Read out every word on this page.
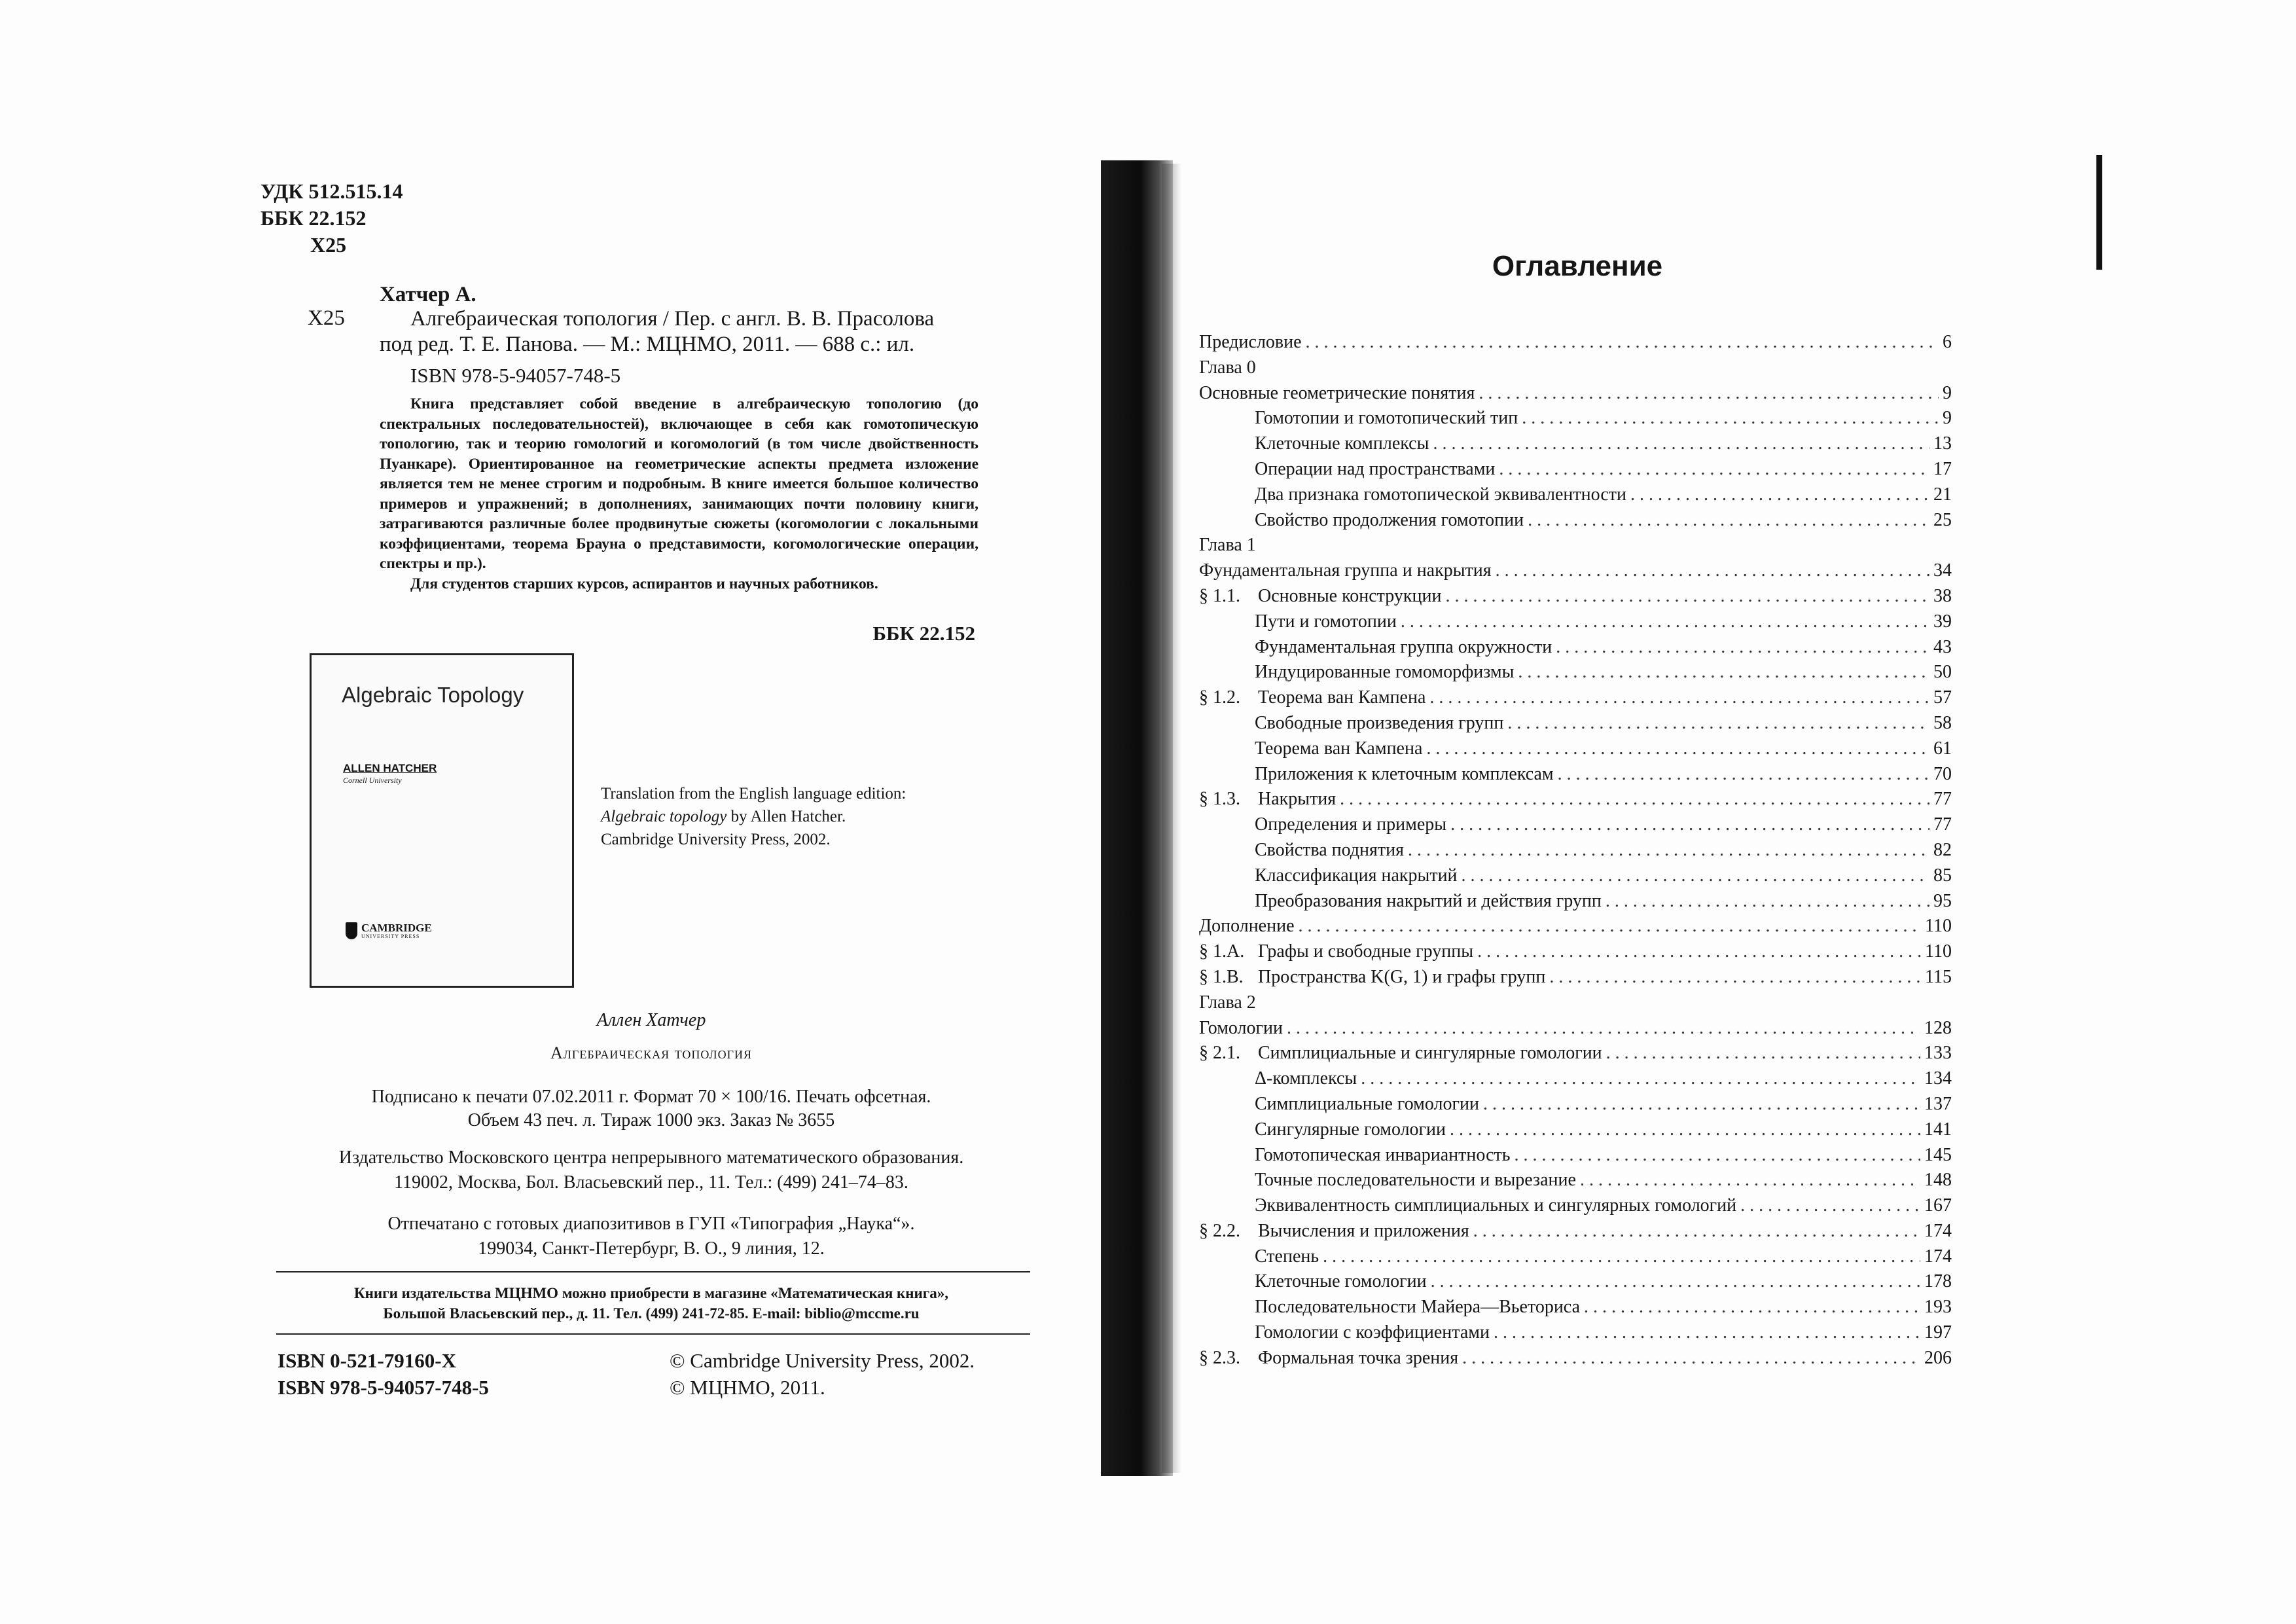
УДК 512.515.14
ББК 22.152

Х25
Хатчер А.
Х25	Алгебраическая топология / Пер. с англ. В. В. Прасолова
под ред. Т. Е. Панова. — М.: МЦНМО, 2011. — 688 с.: ил.
ISBN 978-5-94057-748-5

Книга представляет собой введение в алгебраическую топологию (до спектральных последовательностей), включающее в себя как гомотопическую топологию, так и теорию гомологий и когомологий (в том числе двойственность Пуанкаре). Ориентированное на геометрические аспекты предмета изложение является тем не менее строгим и подробным. В книге имеется большое количество примеров и упражнений; в дополнениях, занимающих почти половину книги, затрагиваются различные более продвинутые сюжеты (когомологии с локальными коэффициентами, теорема Брауна о представимости, когомологические операции, спектры и пр.).

Для студентов старших курсов, аспирантов и научных работников.

ББК 22.152
Algebraic Topology
ALLEN HATCHER
Cornell University
CAMBRIDGE
UNIVERSITY PRESS
Translation from the English language edition:
Algebraic topology by Allen Hatcher.
Cambridge University Press, 2002.
Аллен Хатчер
Алгебраическая топология
Подписано к печати 07.02.2011 г. Формат 70 × 100/16. Печать офсетная.
Объем 43 печ. л. Тираж 1000 экз. Заказ № 3655
Издательство Московского центра непрерывного математического образования.
119002, Москва, Бол. Власьевский пер., 11. Тел.: (499) 241–74–83.
Отпечатано с готовых диапозитивов в ГУП «Типография „Наука“».
199034, Санкт-Петербург, В. О., 9 линия, 12.
Книги издательства МЦНМО можно приобрести в магазине «Математическая книга»,
Большой Власьевский пер., д. 11. Тел. (499) 241-72-85. E-mail: biblio@mccme.ru
ISBN 0-521-79160-X
ISBN 978-5-94057-748-5
© Cambridge University Press, 2002.
© МЦНМО, 2011.
Оглавление
Предисловие . . .	6
Глава 0
Основные геометрические понятия . . .	9
Гомотопии и гомотопический тип . . .	9
Клеточные комплексы . . .	13
Операции над пространствами . . .	17
Два признака гомотопической эквивалентности . . .	21
Свойство продолжения гомотопии . . .	25
Глава 1
Фундаментальная группа и накрытия . . .	34
§ 1.1. Основные конструкции . . .	38
Пути и гомотопии . . .	39
Фундаментальная группа окружности . . .	43
Индуцированные гомоморфизмы . . .	50
§ 1.2. Теорема ван Кампена . . .	57
Свободные произведения групп . . .	58
Теорема ван Кампена . . .	61
Приложения к клеточным комплексам . . .	70
§ 1.3. Накрытия . . .	77
Определения и примеры . . .	77
Свойства поднятия . . .	82
Классификация накрытий . . .	85
Преобразования накрытий и действия групп . . .	95
Дополнение . . .	110
§ 1.A. Графы и свободные группы . . .	110
§ 1.B. Пространства K(G, 1) и графы групп . . .	115
Глава 2
Гомологии . . .	128
§ 2.1. Симплициальные и сингулярные гомологии . . .	133
Δ-комплексы . . .	134
Симплициальные гомологии . . .	137
Сингулярные гомологии . . .	141
Гомотопическая инвариантность . . .	145
Точные последовательности и вырезание . . .	148
Эквивалентность симплициальных и сингулярных гомологий . . .	167
§ 2.2. Вычисления и приложения . . .	174
Степень . . .	174
Клеточные гомологии . . .	178
Последовательности Майера—Вьеториса . . .	193
Гомологии с коэффициентами . . .	197
§ 2.3. Формальная точка зрения . . .	206
